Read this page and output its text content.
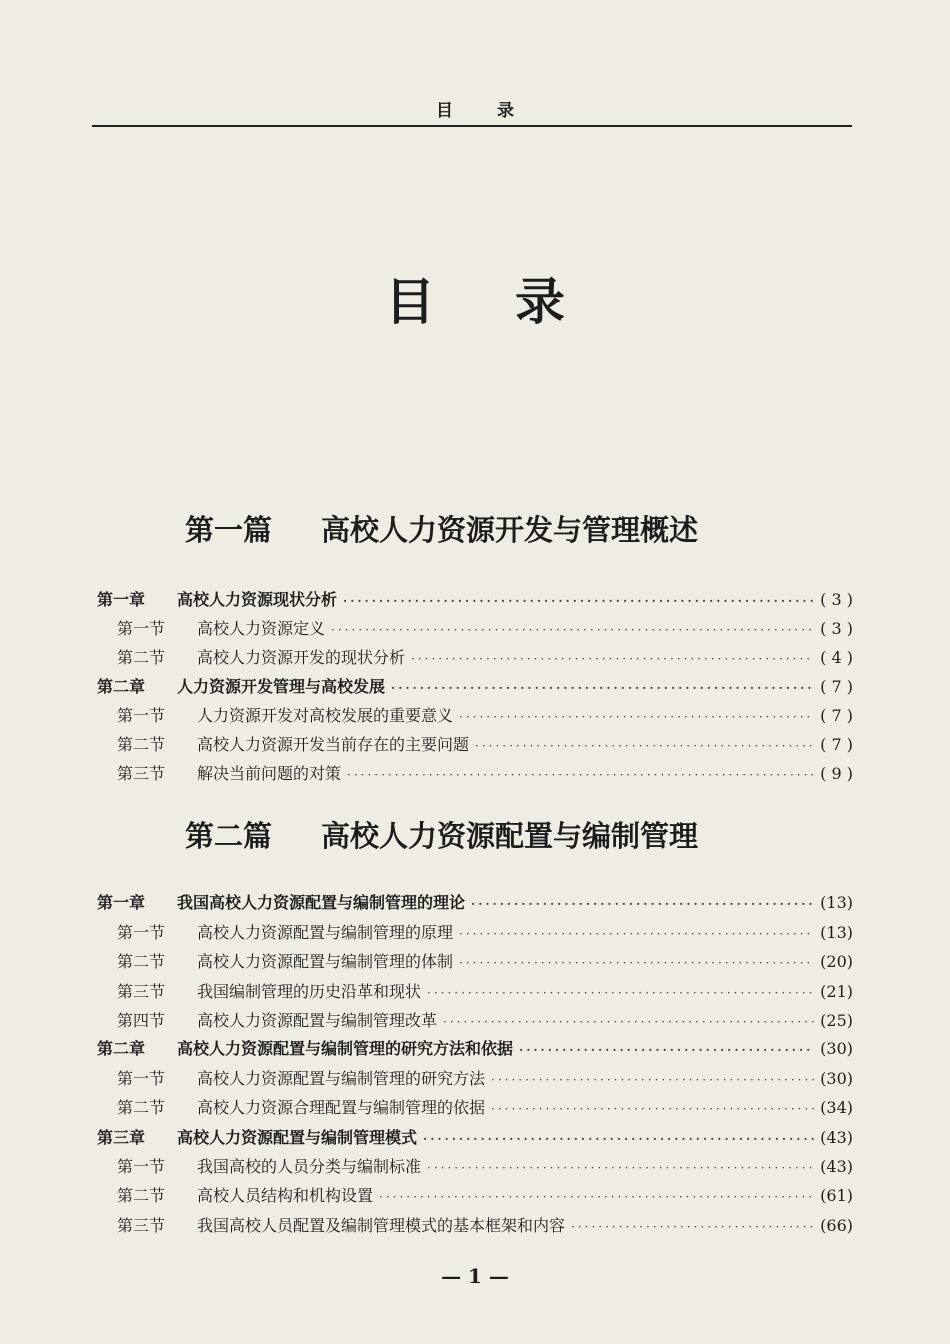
目录
目录
第一篇 高校人力资源开发与管理概述
第一章	高校人力资源现状分析 ·····	( 3 )
第一节	高校人力资源定义 ·····	( 3 )
第二节	高校人力资源开发的现状分析 ·····	( 4 )
第二章	人力资源开发管理与高校发展 ·····	( 7 )
第一节	人力资源开发对高校发展的重要意义 ·····	( 7 )
第二节	高校人力资源开发当前存在的主要问题 ·····	( 7 )
第三节	解决当前问题的对策 ·····	( 9 )
第二篇 高校人力资源配置与编制管理
第一章	我国高校人力资源配置与编制管理的理论 ·····	(13)
第一节	高校人力资源配置与编制管理的原理 ·····	(13)
第二节	高校人力资源配置与编制管理的体制 ·····	(20)
第三节	我国编制管理的历史沿革和现状 ·····	(21)
第四节	高校人力资源配置与编制管理改革 ·····	(25)
第二章	高校人力资源配置与编制管理的研究方法和依据 ·····	(30)
第一节	高校人力资源配置与编制管理的研究方法 ·····	(30)
第二节	高校人力资源合理配置与编制管理的依据 ·····	(34)
第三章	高校人力资源配置与编制管理模式 ·····	(43)
第一节	我国高校的人员分类与编制标准 ·····	(43)
第二节	高校人员结构和机构设置 ·····	(61)
第三节	我国高校人员配置及编制管理模式的基本框架和内容 ·····	(66)
— 1 —
